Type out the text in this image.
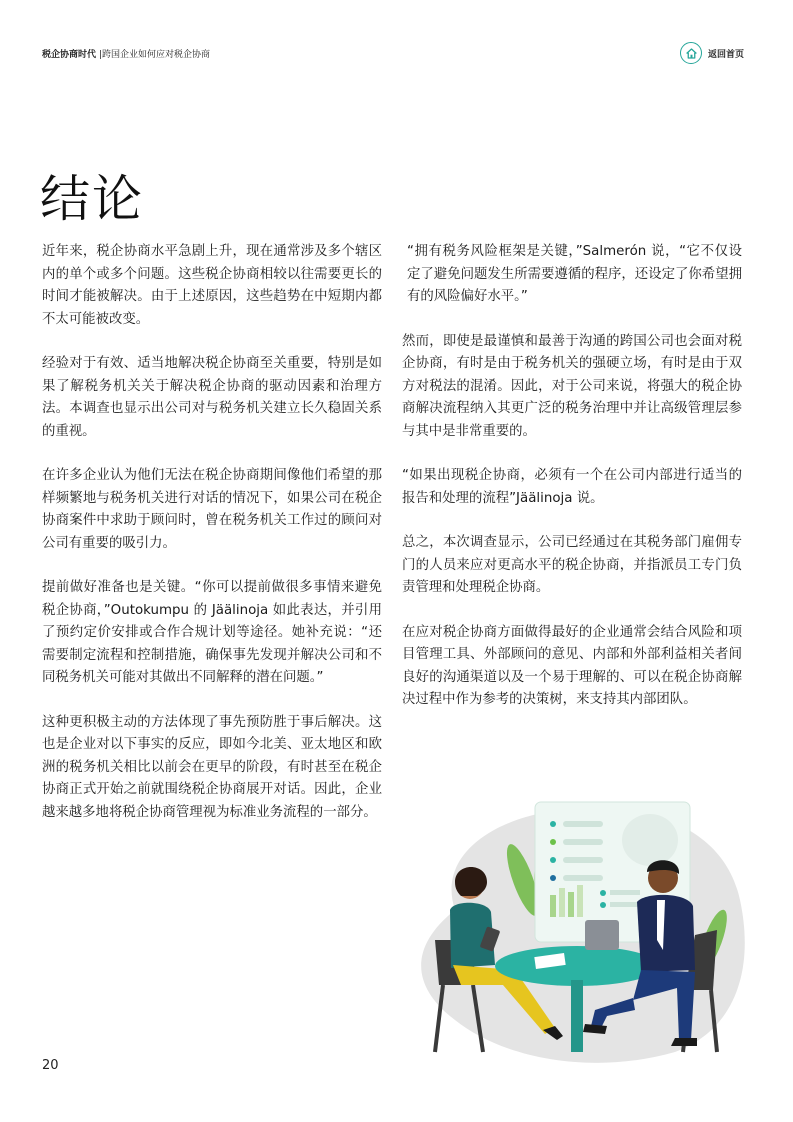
税企协商时代 |跨国企业如何应对税企协商	返回首页
结论

近年来，税企协商水平急剧上升，现在通常涉及多个辖区内的单个或多个问题。这些税企协商相较以往需要更长的时间才能被解决。由于上述原因，这些趋势在中短期内都不太可能被改变。

经验对于有效、适当地解决税企协商至关重要，特别是如果了解税务机关关于解决税企协商的驱动因素和治理方法。本调查也显示出公司对与税务机关建立长久稳固关系的重视。

在许多企业认为他们无法在税企协商期间像他们希望的那样频繁地与税务机关进行对话的情况下，如果公司在税企协商案件中求助于顾问时，曾在税务机关工作过的顾问对公司有重要的吸引力。

提前做好准备也是关键。“你可以提前做很多事情来避免税企协商，”Outokumpu 的 Jäälinoja 如此表达，并引用了预约定价安排或合作合规计划等途径。她补充说：“还需要制定流程和控制措施，确保事先发现并解决公司和不同税务机关可能对其做出不同解释的潜在问题。”

这种更积极主动的方法体现了事先预防胜于事后解决。这也是企业对以下事实的反应，即如今北美、亚太地区和欧洲的税务机关相比以前会在更早的阶段，有时甚至在税企协商正式开始之前就围绕税企协商展开对话。因此，企业越来越多地将税企协商管理视为标准业务流程的一部分。

“拥有税务风险框架是关键，”Salmerón 说，“它不仅设定了避免问题发生所需要遵循的程序，还设定了你希望拥有的风险偏好水平。”

然而，即使是最谨慎和最善于沟通的跨国公司也会面对税企协商，有时是由于税务机关的强硬立场，有时是由于双方对税法的混淆。因此，对于公司来说，将强大的税企协商解决流程纳入其更广泛的税务治理中并让高级管理层参与其中是非常重要的。

“如果出现税企协商，必须有一个在公司内部进行适当的报告和处理的流程”Jäälinoja 说。

总之，本次调查显示，公司已经通过在其税务部门雇佣专门的人员来应对更高水平的税企协商，并指派员工专门负责管理和处理税企协商。

在应对税企协商方面做得最好的企业通常会结合风险和项目管理工具、外部顾问的意见、内部和外部利益相关者间良好的沟通渠道以及一个易于理解的、可以在税企协商解决过程中作为参考的决策树，来支持其内部团队。

20
